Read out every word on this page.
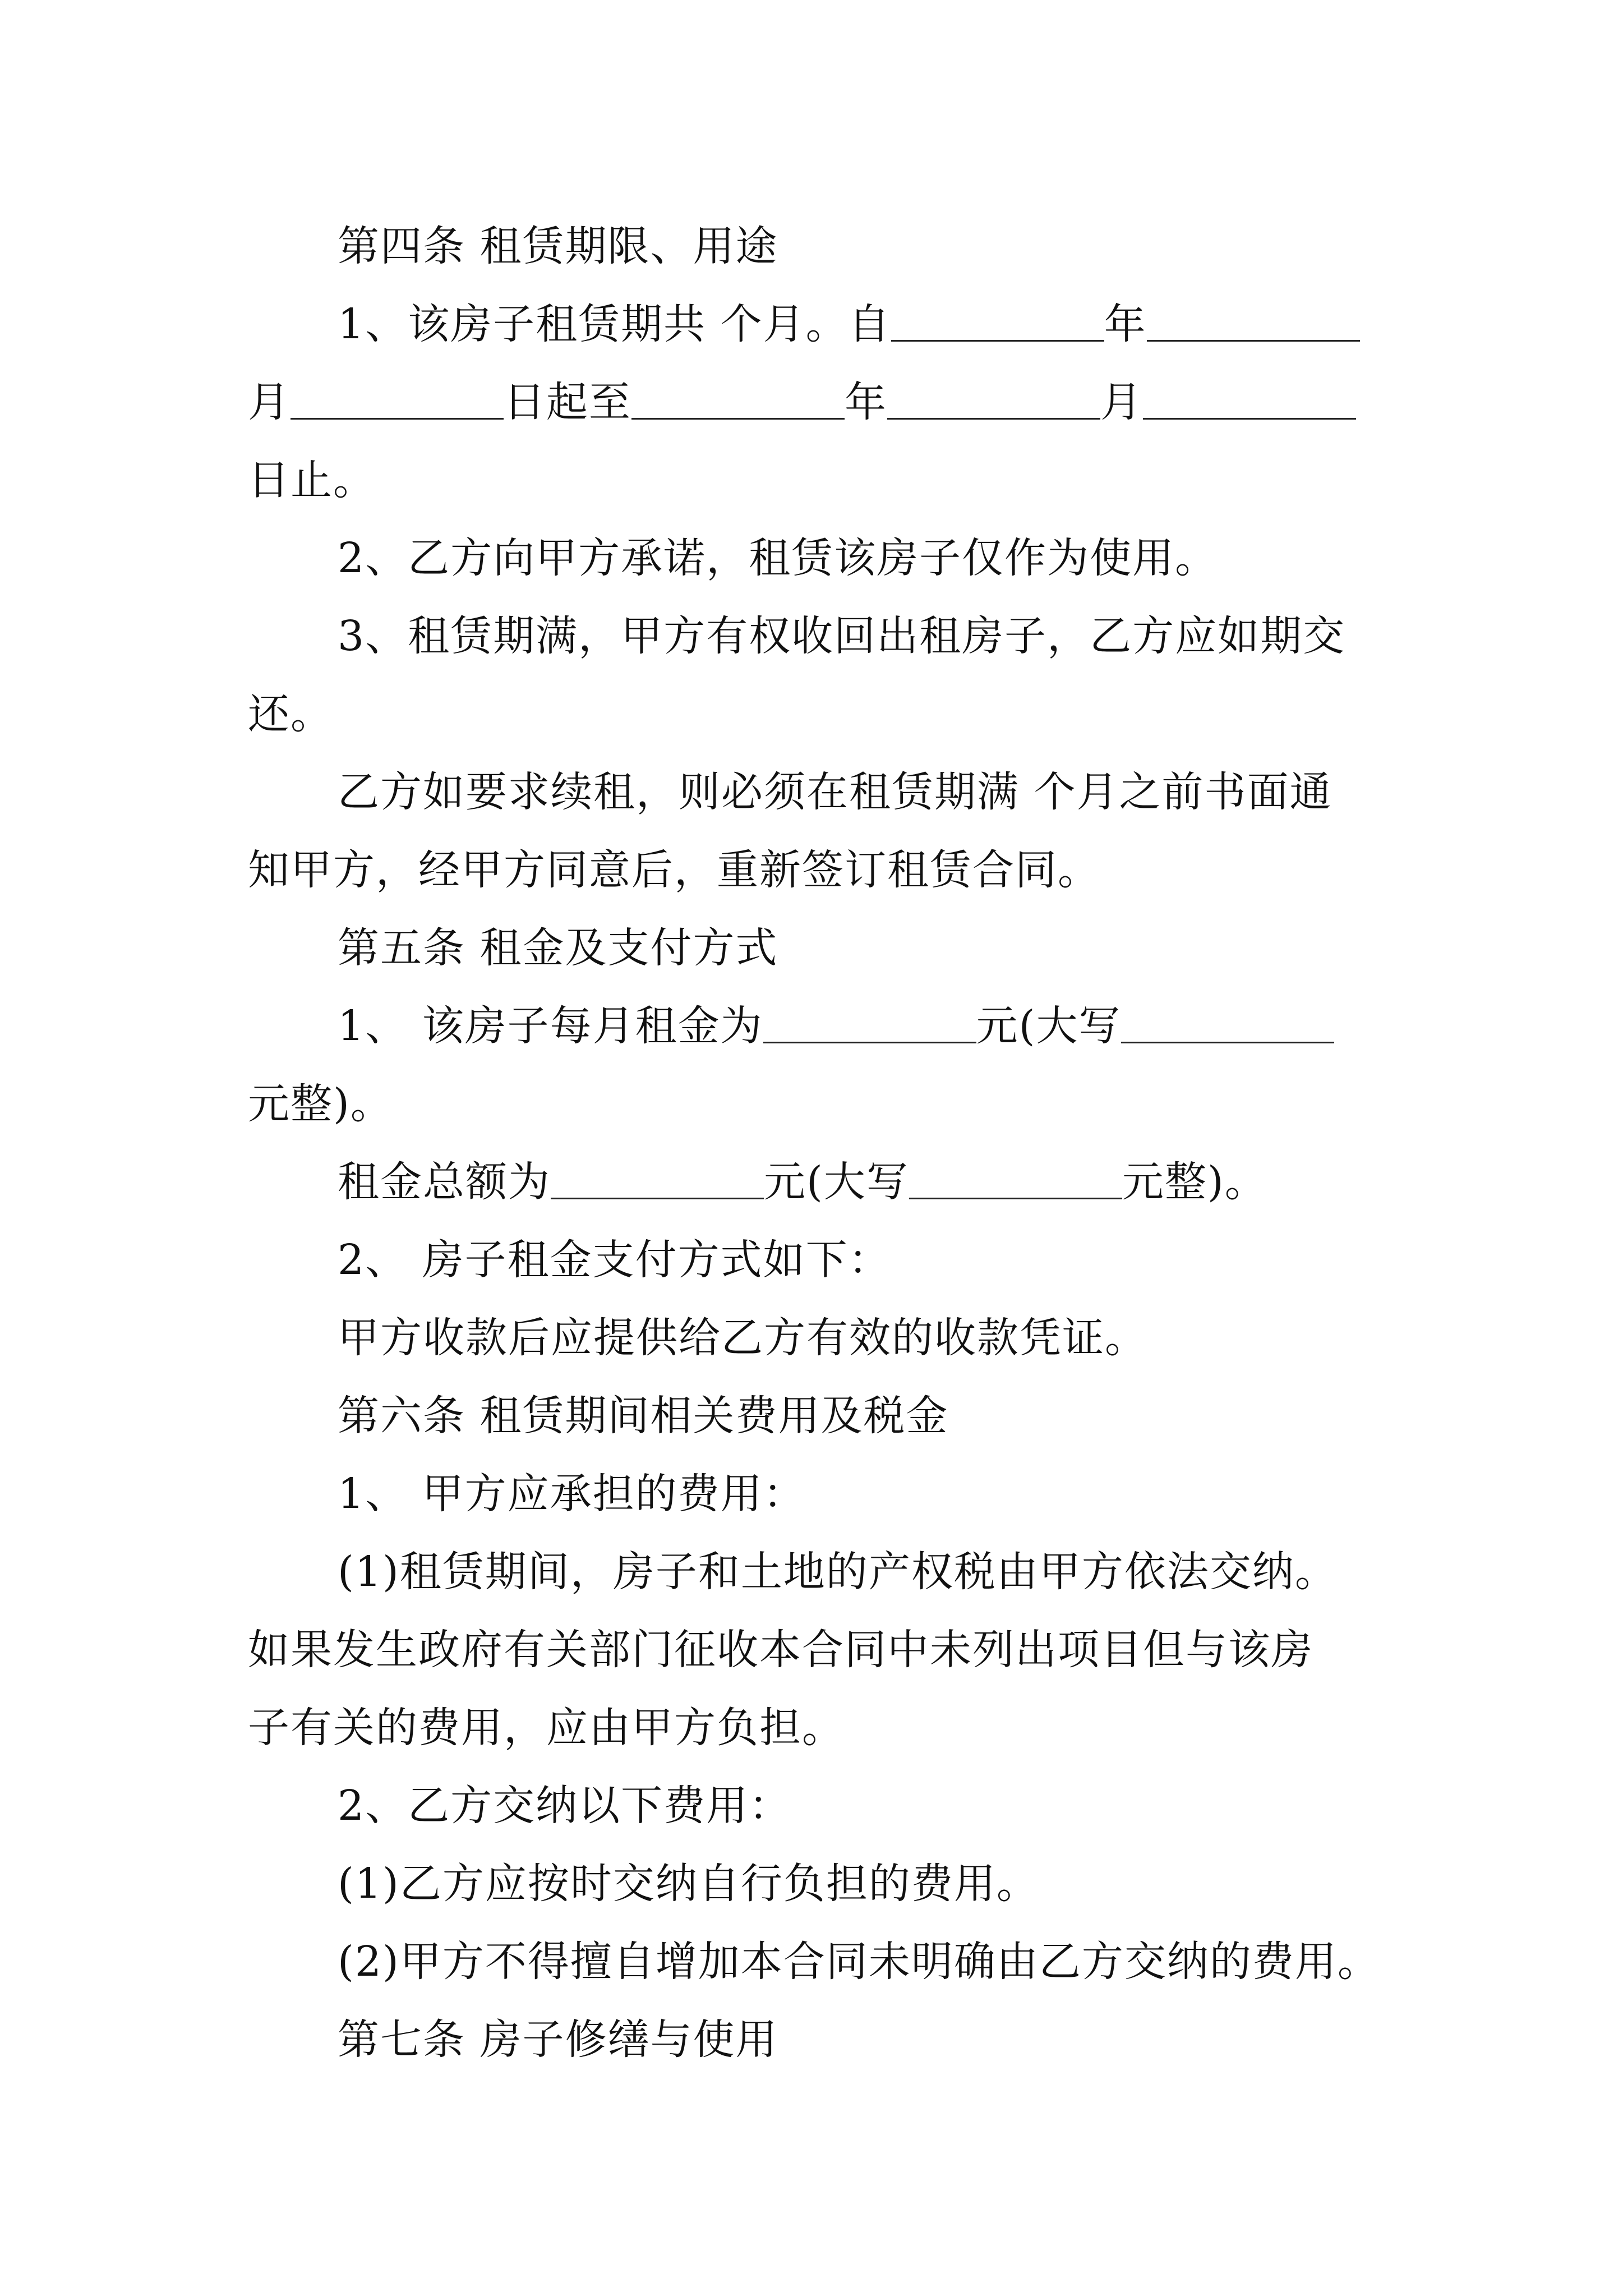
第四条 租赁期限、用途
1、该房子租赁期共 个月。自	年
月	日起至	年	月
日止。
2、乙方向甲方承诺，租赁该房子仅作为使用。
3、租赁期满，甲方有权收回出租房子，乙方应如期交
还。
乙方如要求续租，则必须在租赁期满 个月之前书面通
知甲方，经甲方同意后，重新签订租赁合同。
第五条 租金及支付方式
1、 该房子每月租金为	元(大写
元整)。
租金总额为	元(大写	元整)。
2、 房子租金支付方式如下：
甲方收款后应提供给乙方有效的收款凭证。
第六条 租赁期间相关费用及税金
1、 甲方应承担的费用：
(1)租赁期间，房子和土地的产权税由甲方依法交纳。
如果发生政府有关部门征收本合同中未列出项目但与该房
子有关的费用，应由甲方负担。
2、乙方交纳以下费用：
(1)乙方应按时交纳自行负担的费用。
(2)甲方不得擅自增加本合同未明确由乙方交纳的费用。
第七条 房子修缮与使用
